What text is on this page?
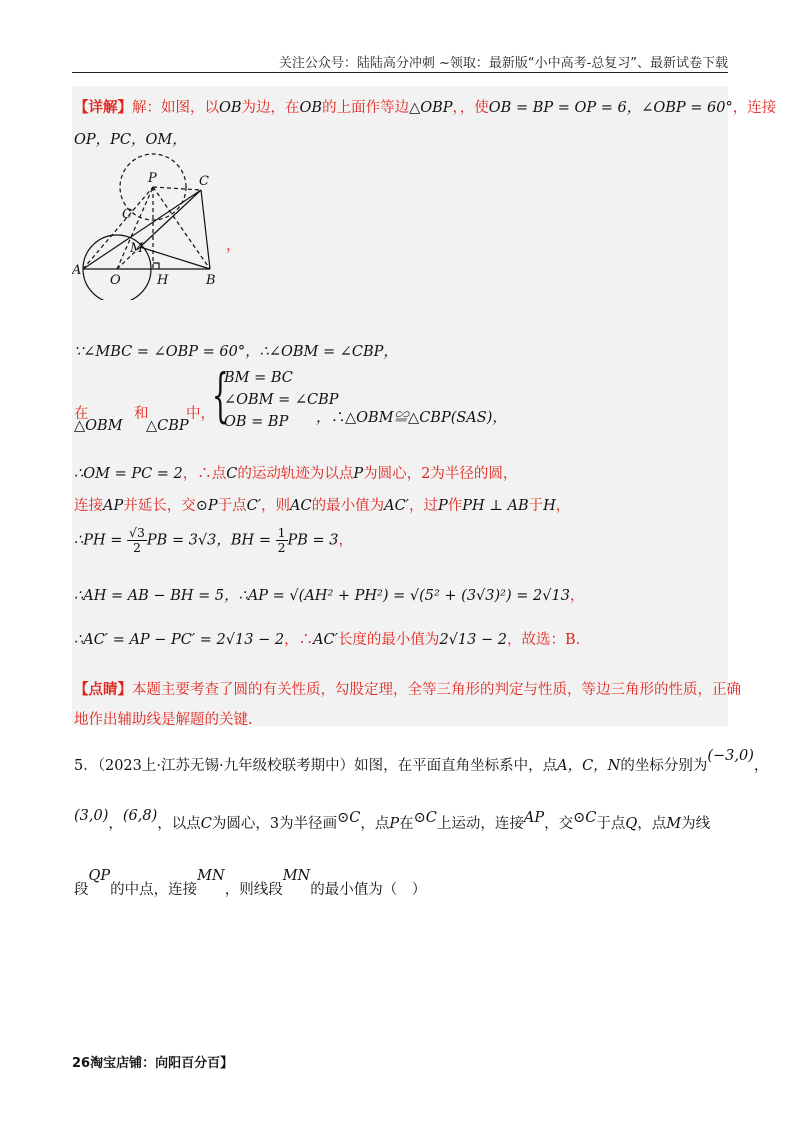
关注公众号：陆陆高分冲刺 ~领取：最新版“小中高考-总复习”、最新试卷下载
【详解】解：如图，以OB为边，在OB的上面作等边△OBP，，使OB = BP = OP = 6，∠OBP = 60°，连接
OP，PC，OM，
P	C
C′
M
A
O	H	B
，
∵∠MBC = ∠OBP = 60°，∴∠OBM = ∠CBP，
在
△OBM
和
△CBP
中，
{
BM = BC
∠OBM = ∠CBP
OB = BP ，∴△OBM≌△CBP(SAS)，
∴OM = PC = 2，∴点C的运动轨迹为以点P为圆心，2为半径的圆，
连接AP并延长，交⊙P于点C′，则AC的最小值为AC′，过P作PH ⊥ AB于H，
∴PH = $\frac{√3}{2}$ PB = 3√3，BH = $\frac{1}{2}$ PB = 3，
∴AH = AB − BH = 5，∴AP = √(AH² + PH²) = √(5² + (3√3)²) = 2√13，
∴AC′ = AP − PC′ = 2√13 − 2，∴AC′长度的最小值为2√13 − 2，故选：B.
【点睛】本题主要考查了圆的有关性质，勾股定理，全等三角形的判定与性质，等边三角形的性质，正确
地作出辅助线是解题的关键.
5．（2023上·江苏无锡·九年级校联考期中）如图，在平面直角坐标系中，点A，C，N的坐标分别为(−3,0)，
(3,0)，(6,8)，以点C为圆心，3为半径画⊙C，点P在⊙C上运动，连接AP，交⊙C于点Q，点M为线
段QP的中点，连接MN，则线段MN的最小值为（　）
26淘宝店铺：向阳百分百】
